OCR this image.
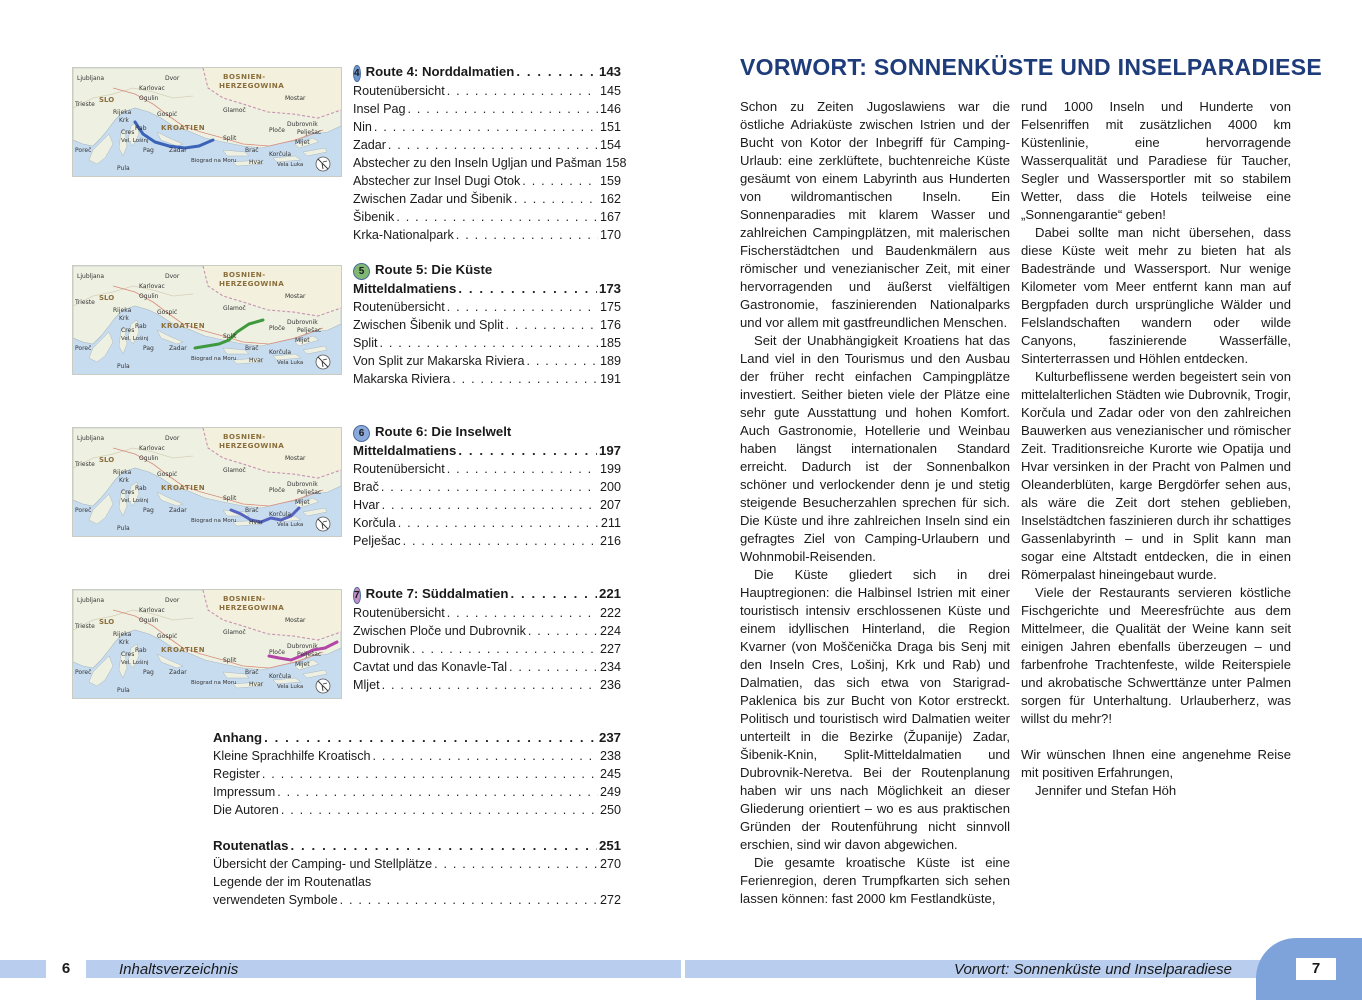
BOSNIEN-
HERZEGOWINA
SLO
KROATIEN
Ljubljana
Karlovac
Dvor
Rijeka
Ogulin
Gospić
Glamoč
Mostar
Dubrovnik
Trieste
Poreč
Pula
Krk
Rab
Cres
Vel. Lošinj
Pag	Zadar
Split
Brač
Hvar
Ploče Pelješac
Mljet
Korčula
Vela Luka
Biograd na Moru
4 Route 4: Norddalmatien . . .	143
Routenübersicht . . .	145
Insel Pag . . .	146
Nin . . .	151
Zadar . . .	154
Abstecher zu den Inseln Ugljan und Pašman 158
Abstecher zur Insel Dugi Otok . . .	159
Zwischen Zadar und Šibenik . . .	162
Šibenik . . .	167
Krka-Nationalpark . . .	170
BOSNIEN-
HERZEGOWINA
SLO
KROATIEN
Ljubljana
Karlovac
Dvor
Rijeka
Ogulin
Gospić
Glamoč
Mostar
Dubrovnik
Trieste
Poreč
Pula
Krk
Rab
Cres
Vel. Lošinj
Pag	Zadar
Split
Brač
Hvar
Ploče Pelješac
Mljet
Korčula
Vela Luka
Biograd na Moru
5 Route 5: Die Küste
Mitteldalmatiens . . .	173
Routenübersicht . . .	175
Zwischen Šibenik und Split . . .	176
Split . . .	185
Von Split zur Makarska Riviera . . .	189
Makarska Riviera . . .	191
BOSNIEN-
HERZEGOWINA
SLO
KROATIEN
Ljubljana
Karlovac
Dvor
Rijeka
Ogulin
Gospić
Glamoč
Mostar
Dubrovnik
Trieste
Poreč
Pula
Krk
Rab
Cres
Vel. Lošinj
Pag	Zadar
Split
Brač
Hvar
Ploče Pelješac
Mljet
Korčula
Vela Luka
Biograd na Moru
6 Route 6: Die Inselwelt
Mitteldalmatiens . . .	197
Routenübersicht . . .	199
Brač . . .	200
Hvar . . .	207
Korčula . . .	211
Pelješac . . .	216
BOSNIEN-
HERZEGOWINA
SLO
KROATIEN
Ljubljana
Karlovac
Dvor
Rijeka
Ogulin
Gospić
Glamoč
Mostar
Dubrovnik
Trieste
Poreč
Pula
Krk
Rab
Cres
Vel. Lošinj
Pag	Zadar
Split
Brač
Hvar
Ploče Pelješac
Mljet
Korčula
Vela Luka
Biograd na Moru
7 Route 7: Süddalmatien . . .	221
Routenübersicht . . .	222
Zwischen Ploče und Dubrovnik . . .	224
Dubrovnik . . .	227
Cavtat und das Konavle-Tal . . .	234
Mljet . . .	236
Anhang . . .	237
Kleine Sprachhilfe Kroatisch . . .	238
Register . . .	245
Impressum . . .	249
Die Autoren . . .	250
Routenatlas . . .	251
Übersicht der Camping- und Stellplätze . . .	270
Legende der im Routenatlas
verwendeten Symbole . . .	272
VORWORT: SONNENKÜSTE UND INSELPARADIESE

Schon zu Zeiten Jugoslawiens war die östliche Adriaküste zwischen Istrien und der Bucht von Kotor der Inbegriff für Camping-Urlaub: eine zerklüftete, buchtenreiche Küste gesäumt von einem Labyrinth aus Hunderten von wildromantischen Inseln. Ein Sonnenparadies mit klarem Wasser und zahlreichen Campingplätzen, mit malerischen Fischerstädtchen und Baudenkmälern aus römischer und venezianischer Zeit, mit einer hervorragenden und äußerst vielfältigen Gastronomie, faszinierenden Nationalparks und vor allem mit gastfreundlichen Menschen.

Seit der Unabhängigkeit Kroatiens hat das Land viel in den Tourismus und den Ausbau der früher recht einfachen Campingplätze investiert. Seither bieten viele der Plätze eine sehr gute Ausstattung und hohen Komfort. Auch Gastronomie, Hotellerie und Weinbau haben längst internationalen Standard erreicht. Dadurch ist der Sonnenbalkon schöner und verlockender denn je und stetig steigende Besucherzahlen sprechen für sich. Die Küste und ihre zahlreichen Inseln sind ein gefragtes Ziel von Camping-Urlaubern und Wohnmobil-Reisenden.

Die Küste gliedert sich in drei Hauptregionen: die Halbinsel Istrien mit einer touristisch intensiv erschlossenen Küste und einem idyllischen Hinterland, die Region Kvarner (von Moščenička Draga bis Senj mit den Inseln Cres, Lošinj, Krk und Rab) und Dalmatien, das sich etwa von Starigrad-Paklenica bis zur Bucht von Kotor erstreckt. Politisch und touristisch wird Dalmatien weiter unterteilt in die Bezirke (Županije) Zadar, Šibenik-Knin, Split-Mitteldalmatien und Dubrovnik-Neretva. Bei der Routenplanung haben wir uns nach Möglichkeit an dieser Gliederung orientiert – wo es aus praktischen Gründen der Routenführung nicht sinnvoll erschien, sind wir davon abgewichen.

Die gesamte kroatische Küste ist eine Ferienregion, deren Trumpfkarten sich sehen lassen können: fast 2000 km Festlandküste,

rund 1000 Inseln und Hunderte von Felsenriffen mit zusätzlichen 4000 km Küstenlinie, eine hervorragende Wasserqualität und Paradiese für Taucher, Segler und Wassersportler mit so stabilem Wetter, dass die Hotels teilweise eine „Sonnengarantie“ geben!

Dabei sollte man nicht übersehen, dass diese Küste weit mehr zu bieten hat als Badestrände und Wassersport. Nur wenige Kilometer vom Meer entfernt kann man auf Bergpfaden durch ursprüngliche Wälder und Felslandschaften wandern oder wilde Canyons, faszinierende Wasserfälle, Sinterterrassen und Höhlen entdecken.

Kulturbeflissene werden begeistert sein von mittelalterlichen Städten wie Dubrovnik, Trogir, Korčula und Zadar oder von den zahlreichen Bauwerken aus venezianischer und römischer Zeit. Traditionsreiche Kurorte wie Opatija und Hvar versinken in der Pracht von Palmen und Oleanderblüten, karge Bergdörfer sehen aus, als wäre die Zeit dort stehen geblieben, Inselstädtchen faszinieren durch ihr schattiges Gassenlabyrinth – und in Split kann man sogar eine Altstadt entdecken, die in einen Römerpalast hineingebaut wurde.

Viele der Restaurants servieren köstliche Fischgerichte und Meeresfrüchte aus dem Mittelmeer, die Qualität der Weine kann seit einigen Jahren ebenfalls überzeugen – und farbenfrohe Trachtenfeste, wilde Reiterspiele und akrobatische Schwerttänze unter Palmen sorgen für Unterhaltung. Urlauberherz, was willst du mehr?!

Wir wünschen Ihnen eine angenehme Reise mit positiven Erfahrungen,

Jennifer und Stefan Höh

6	Inhaltsverzeichnis	Vorwort: Sonnenküste und Inselparadiese	7
